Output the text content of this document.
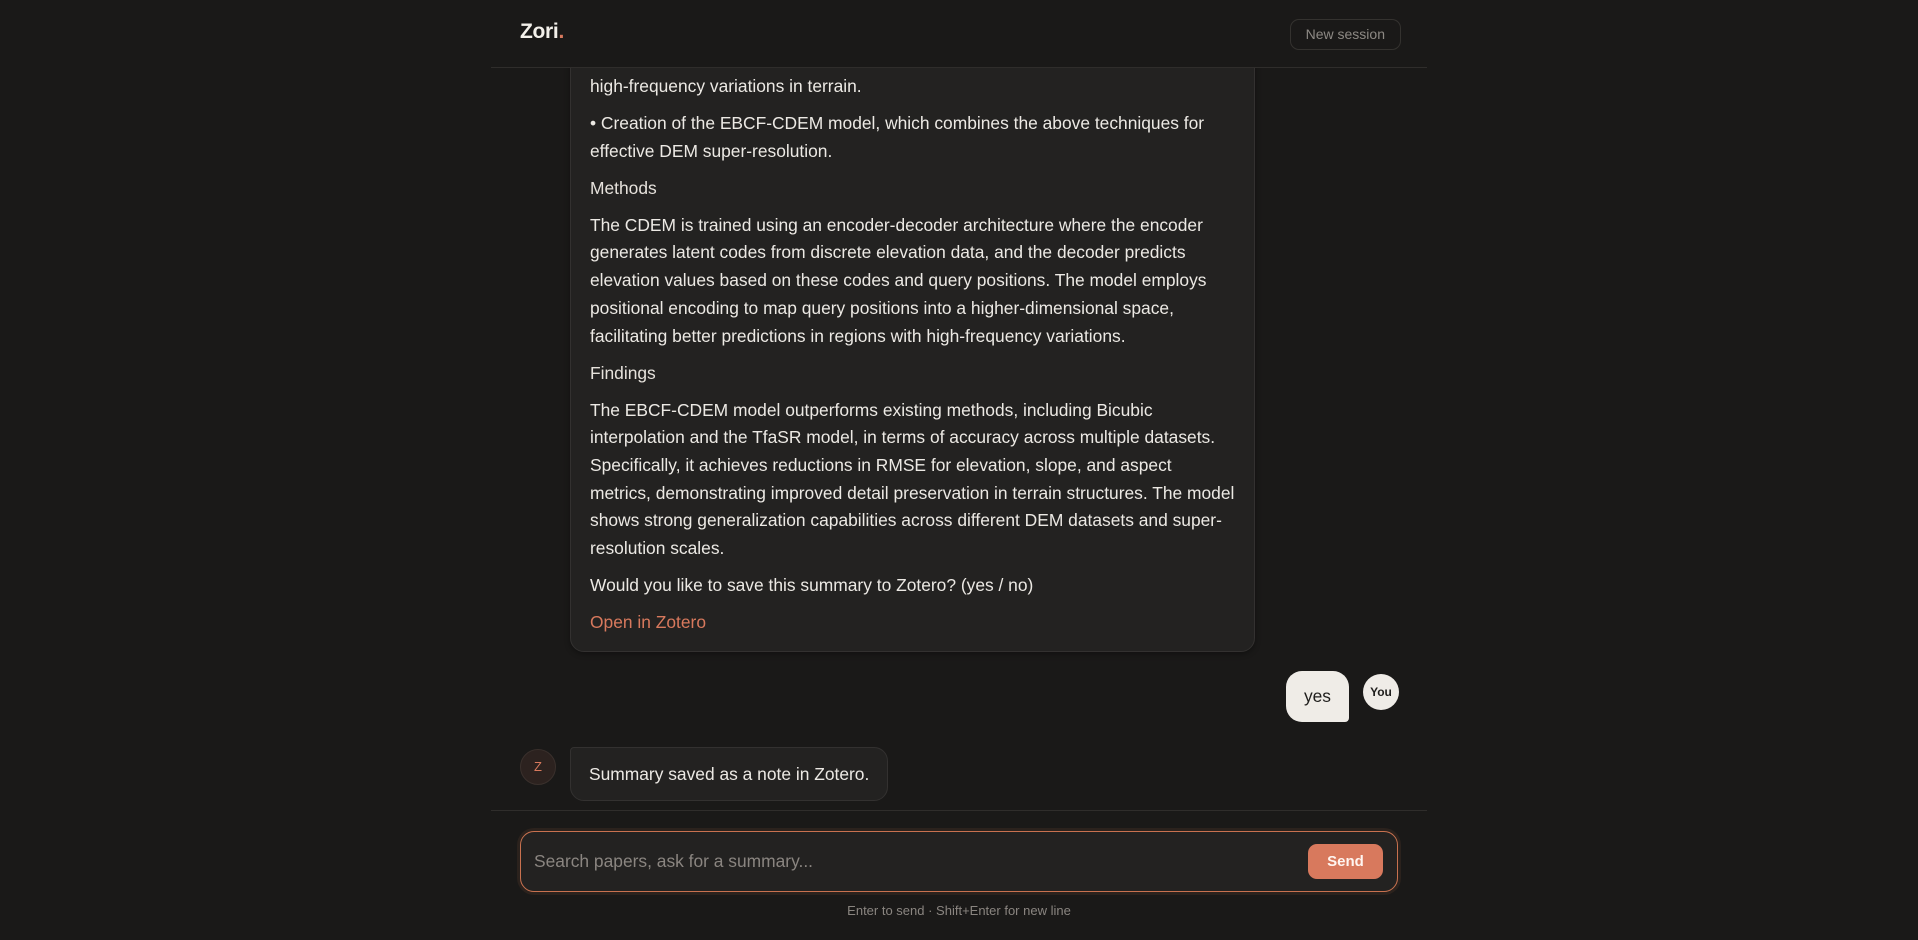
Zori.	New session

high-frequency variations in terrain.

• Creation of the EBCF-CDEM model, which combines the above techniques for effective DEM super-resolution.

Methods

The CDEM is trained using an encoder-decoder architecture where the encoder generates latent codes from discrete elevation data, and the decoder predicts elevation values based on these codes and query positions. The model employs positional encoding to map query positions into a higher-dimensional space, facilitating better predictions in regions with high-frequency variations.

Findings

The EBCF-CDEM model outperforms existing methods, including Bicubic interpolation and the TfaSR model, in terms of accuracy across multiple datasets. Specifically, it achieves reductions in RMSE for elevation, slope, and aspect metrics, demonstrating improved detail preservation in terrain structures. The model shows strong generalization capabilities across different DEM datasets and super-resolution scales.

Would you like to save this summary to Zotero? (yes / no)

Open in Zotero
yes	You
Z	Summary saved as a note in Zotero.
Search papers, ask for a summary...
Send
Enter to send · Shift+Enter for new line
